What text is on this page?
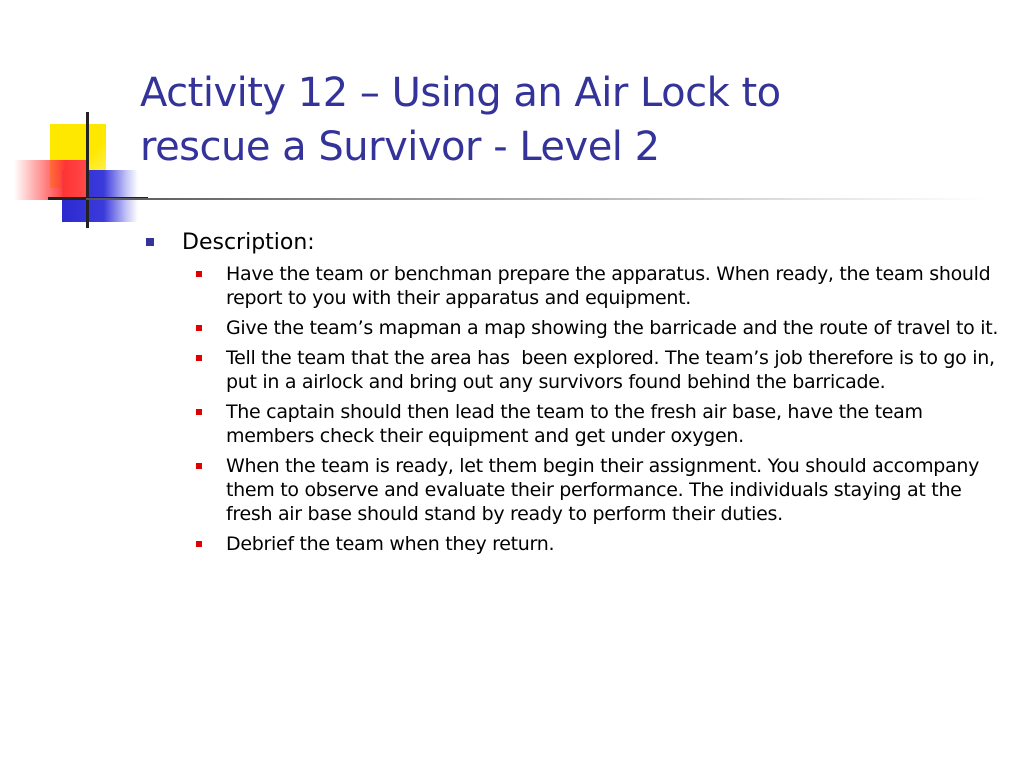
Activity 12 – Using an Air Lock to
rescue a Survivor - Level 2
Description:
Have the team or benchman prepare the apparatus. When ready, the team should report to you with their apparatus and equipment.
Give the team’s mapman a map showing the barricade and the route of travel to it.
Tell the team that the area has  been explored. The team’s job therefore is to go in, put in a airlock and bring out any survivors found behind the barricade.
The captain should then lead the team to the fresh air base, have the team members check their equipment and get under oxygen.
When the team is ready, let them begin their assignment. You should accompany them to observe and evaluate their performance. The individuals staying at the fresh air base should stand by ready to perform their duties.
Debrief the team when they return.
